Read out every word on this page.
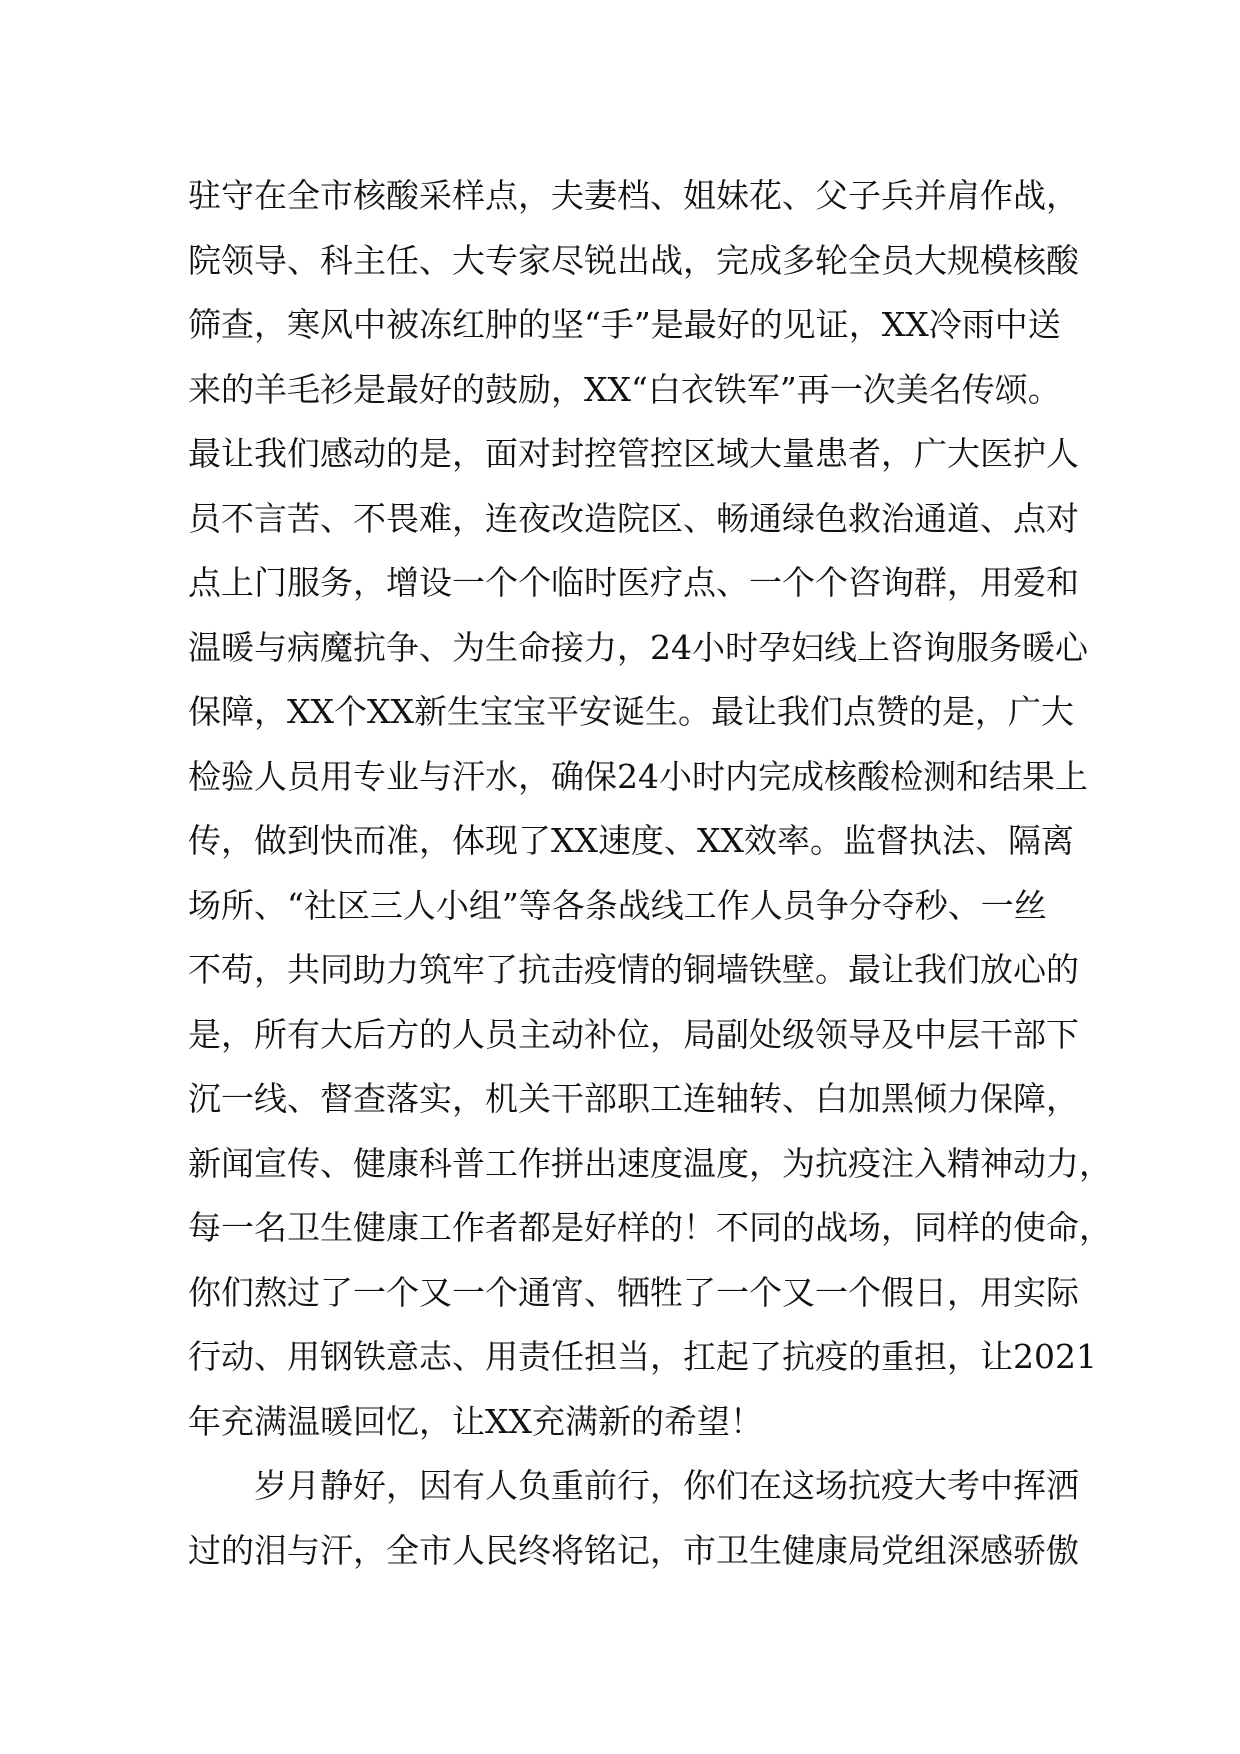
驻守在全市核酸采样点，夫妻档、姐妹花、父子兵并肩作战，
院领导、科主任、大专家尽锐出战，完成多轮全员大规模核酸
筛查，寒风中被冻红肿的坚“手”是最好的见证，XX冷雨中送
来的羊毛衫是最好的鼓励，XX“白衣铁军”再一次美名传颂。
最让我们感动的是，面对封控管控区域大量患者，广大医护人
员不言苦、不畏难，连夜改造院区、畅通绿色救治通道、点对
点上门服务，增设一个个临时医疗点、一个个咨询群，用爱和
温暖与病魔抗争、为生命接力，24小时孕妇线上咨询服务暖心
保障，XX个XX新生宝宝平安诞生。最让我们点赞的是，广大
检验人员用专业与汗水，确保24小时内完成核酸检测和结果上
传，做到快而准，体现了XX速度、XX效率。监督执法、隔离
场所、“社区三人小组”等各条战线工作人员争分夺秒、一丝
不苟，共同助力筑牢了抗击疫情的铜墙铁壁。最让我们放心的
是，所有大后方的人员主动补位，局副处级领导及中层干部下
沉一线、督查落实，机关干部职工连轴转、白加黑倾力保障，
新闻宣传、健康科普工作拼出速度温度，为抗疫注入精神动力，
每一名卫生健康工作者都是好样的！不同的战场，同样的使命，
你们熬过了一个又一个通宵、牺牲了一个又一个假日，用实际
行动、用钢铁意志、用责任担当，扛起了抗疫的重担，让2021
年充满温暖回忆，让XX充满新的希望！
岁月静好，因有人负重前行，你们在这场抗疫大考中挥洒
过的泪与汗，全市人民终将铭记，市卫生健康局党组深感骄傲
